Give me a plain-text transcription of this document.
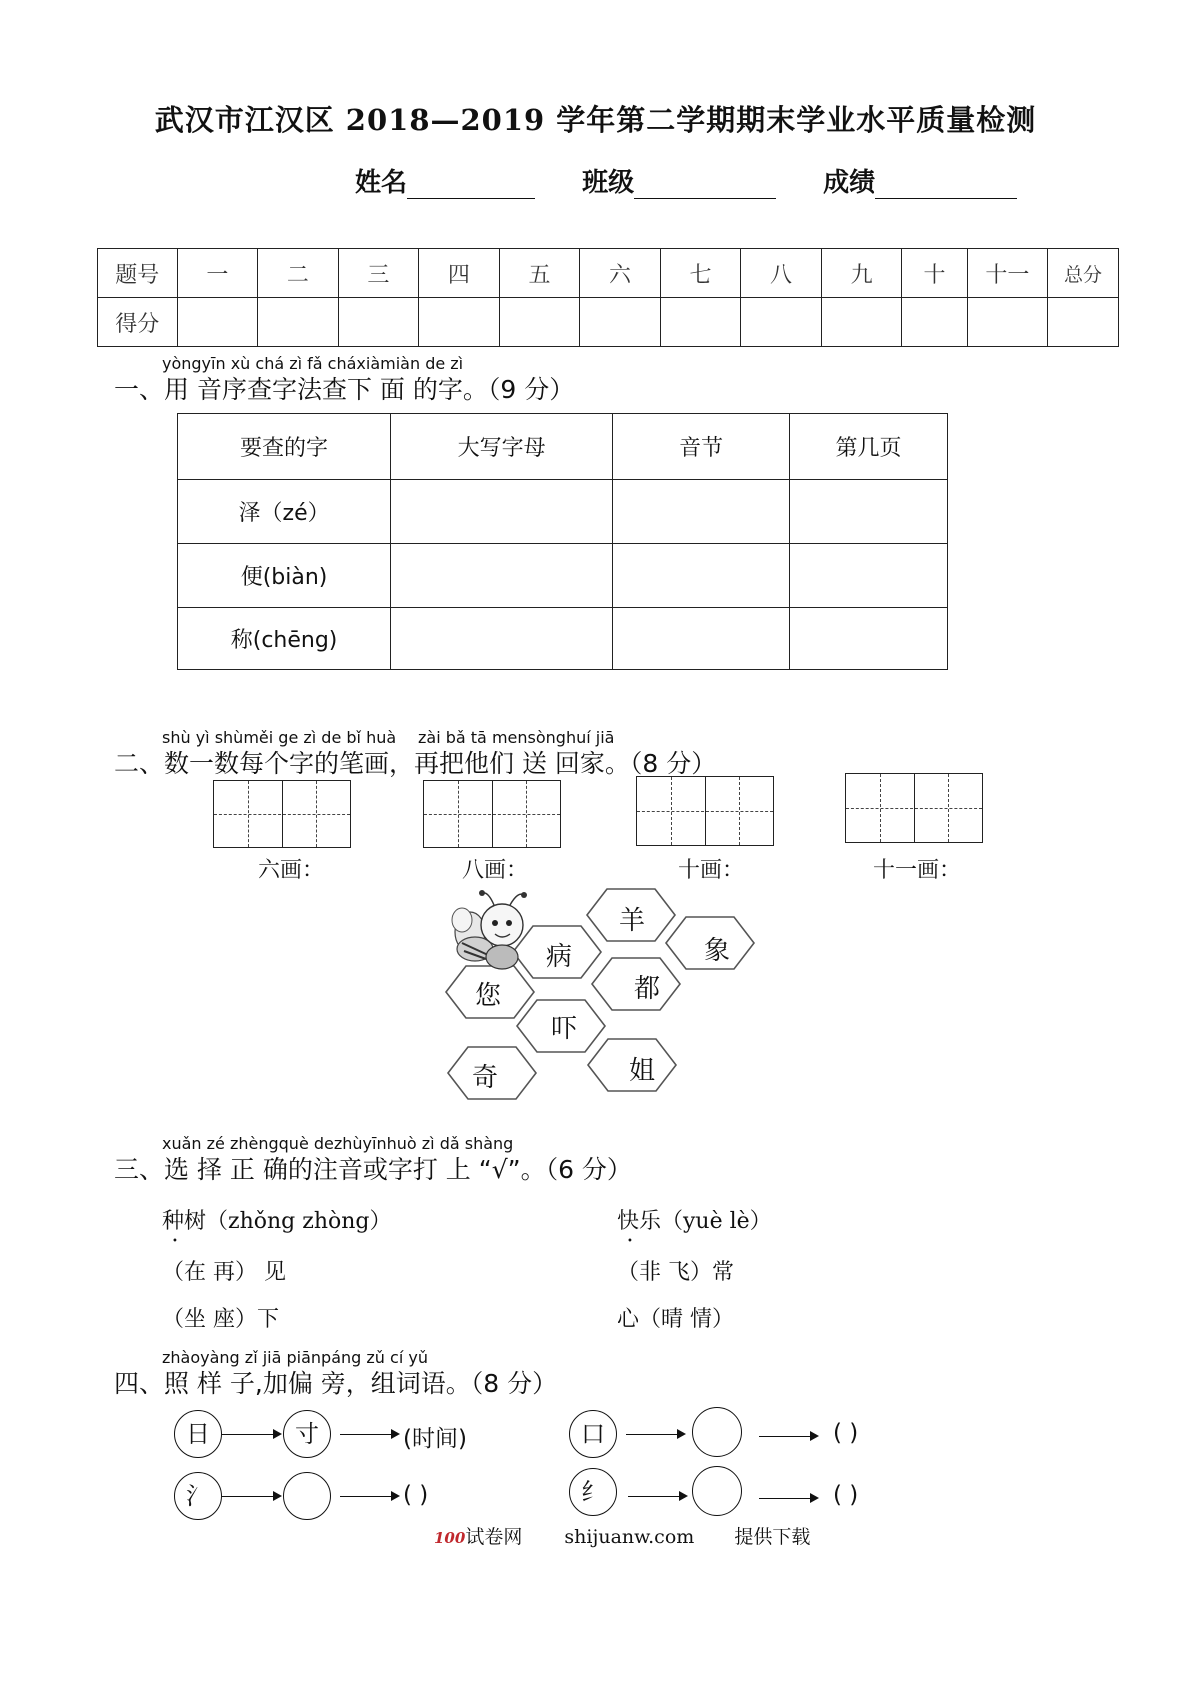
武汉市江汉区 2018—2019 学年第二学期期末学业水平质量检测
姓名	班级	成绩
题号	一	二	三	四	五	六	七	八	九	十	十一	总分
得分												
yòngyīn xù chá zì fǎ cháxiàmiàn de zì
一、用 音序查字法查下 面 的字。（9 分）
要查的字	大写字母	音节	第几页
泽（zé）			
便(biàn)			
称(chēng)			
shù yì shùměi ge zì de bǐ huà zài bǎ tā mensònghuí jiā
二、数一数每个字的笔画，再把他们 送 回家。（8 分）
六画：	八画：	十画：	十一画：
羊
象
病
都
您
吓
姐
奇
xuǎn zé zhèngquè dezhùyīnhuò zì dǎ shàng
三、选 择 正 确的注音或字打 上 “√”。（6 分）
种树（zhǒng zhòng）
•
快乐（yuè lè）
•
（在 再） 见	（非 飞）常
（坐 座）下	心（晴 情）
zhàoyàng zǐ jiā piānpáng zǔ cí yǔ
四、照 样 子,加偏 旁，组词语。（8 分）
日	寸	(时间)
氵	( )
口	( )
纟	( )
100试卷网 shijuanw.com 提供下载
